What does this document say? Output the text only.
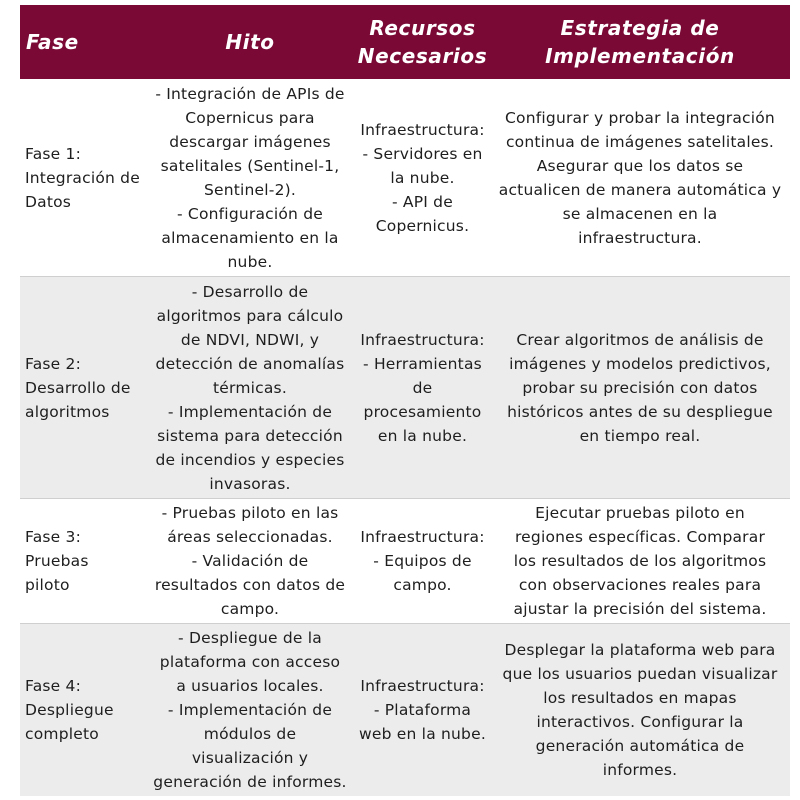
Fase	Hito
Recursos
Necesarios
Estrategia de
Implementación
Fase 1:
Integración de
Datos
- Integración de APIs de
Copernicus para
descargar imágenes
satelitales (Sentinel-1,
Sentinel-2).
- Configuración de
almacenamiento en la
nube.
Infraestructura:
- Servidores en
la nube.
- API de
Copernicus.
Configurar y probar la integración
continua de imágenes satelitales.
Asegurar que los datos se
actualicen de manera automática y
se almacenen en la
infraestructura.
Fase 2:
Desarrollo de
algoritmos
- Desarrollo de
algoritmos para cálculo
de NDVI, NDWI, y
detección de anomalías
térmicas.
- Implementación de
sistema para detección
de incendios y especies
invasoras.
Infraestructura:
- Herramientas
de
procesamiento
en la nube.
Crear algoritmos de análisis de
imágenes y modelos predictivos,
probar su precisión con datos
históricos antes de su despliegue
en tiempo real.
Fase 3:
Pruebas
piloto
- Pruebas piloto en las
áreas seleccionadas.
- Validación de
resultados con datos de
campo.
Infraestructura:
- Equipos de
campo.
Ejecutar pruebas piloto en
regiones específicas. Comparar
los resultados de los algoritmos
con observaciones reales para
ajustar la precisión del sistema.
Fase 4:
Despliegue
completo
- Despliegue de la
plataforma con acceso
a usuarios locales.
- Implementación de
módulos de
visualización y
generación de informes.
Infraestructura:
- Plataforma
web en la nube.
Desplegar la plataforma web para
que los usuarios puedan visualizar
los resultados en mapas
interactivos. Configurar la
generación automática de
informes.
